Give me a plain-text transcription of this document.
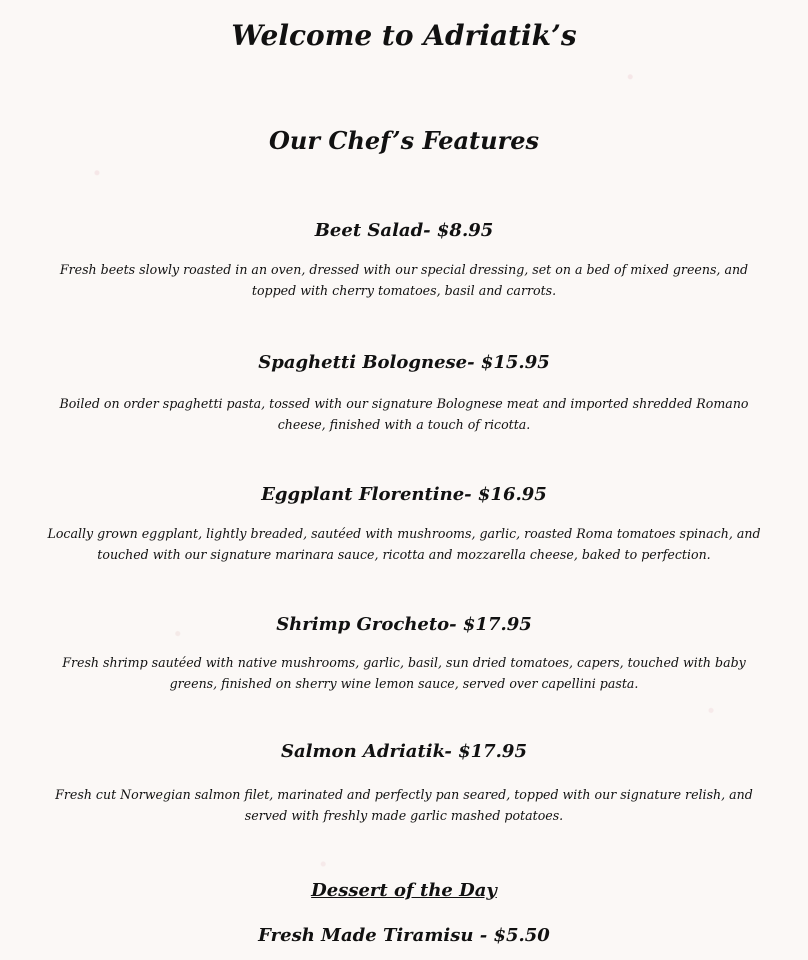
Welcome to Adriatik’s
Our Chef’s Features
Beet Salad- $8.95
Fresh beets slowly roasted in an oven, dressed with our special dressing, set on a bed of mixed greens, and
topped with cherry tomatoes, basil and carrots.
Spaghetti Bolognese- $15.95
Boiled on order spaghetti pasta, tossed with our signature Bolognese meat and imported shredded Romano
cheese, finished with a touch of ricotta.
Eggplant Florentine- $16.95
Locally grown eggplant, lightly breaded, sautéed with mushrooms, garlic, roasted Roma tomatoes spinach, and
touched with our signature marinara sauce, ricotta and mozzarella cheese, baked to perfection.
Shrimp Grocheto- $17.95
Fresh shrimp sautéed with native mushrooms, garlic, basil, sun dried tomatoes, capers, touched with baby
greens, finished on sherry wine lemon sauce, served over capellini pasta.
Salmon Adriatik- $17.95
Fresh cut Norwegian salmon filet, marinated and perfectly pan seared, topped with our signature relish, and
served with freshly made garlic mashed potatoes.
Dessert of the Day
Fresh Made Tiramisu - $5.50
